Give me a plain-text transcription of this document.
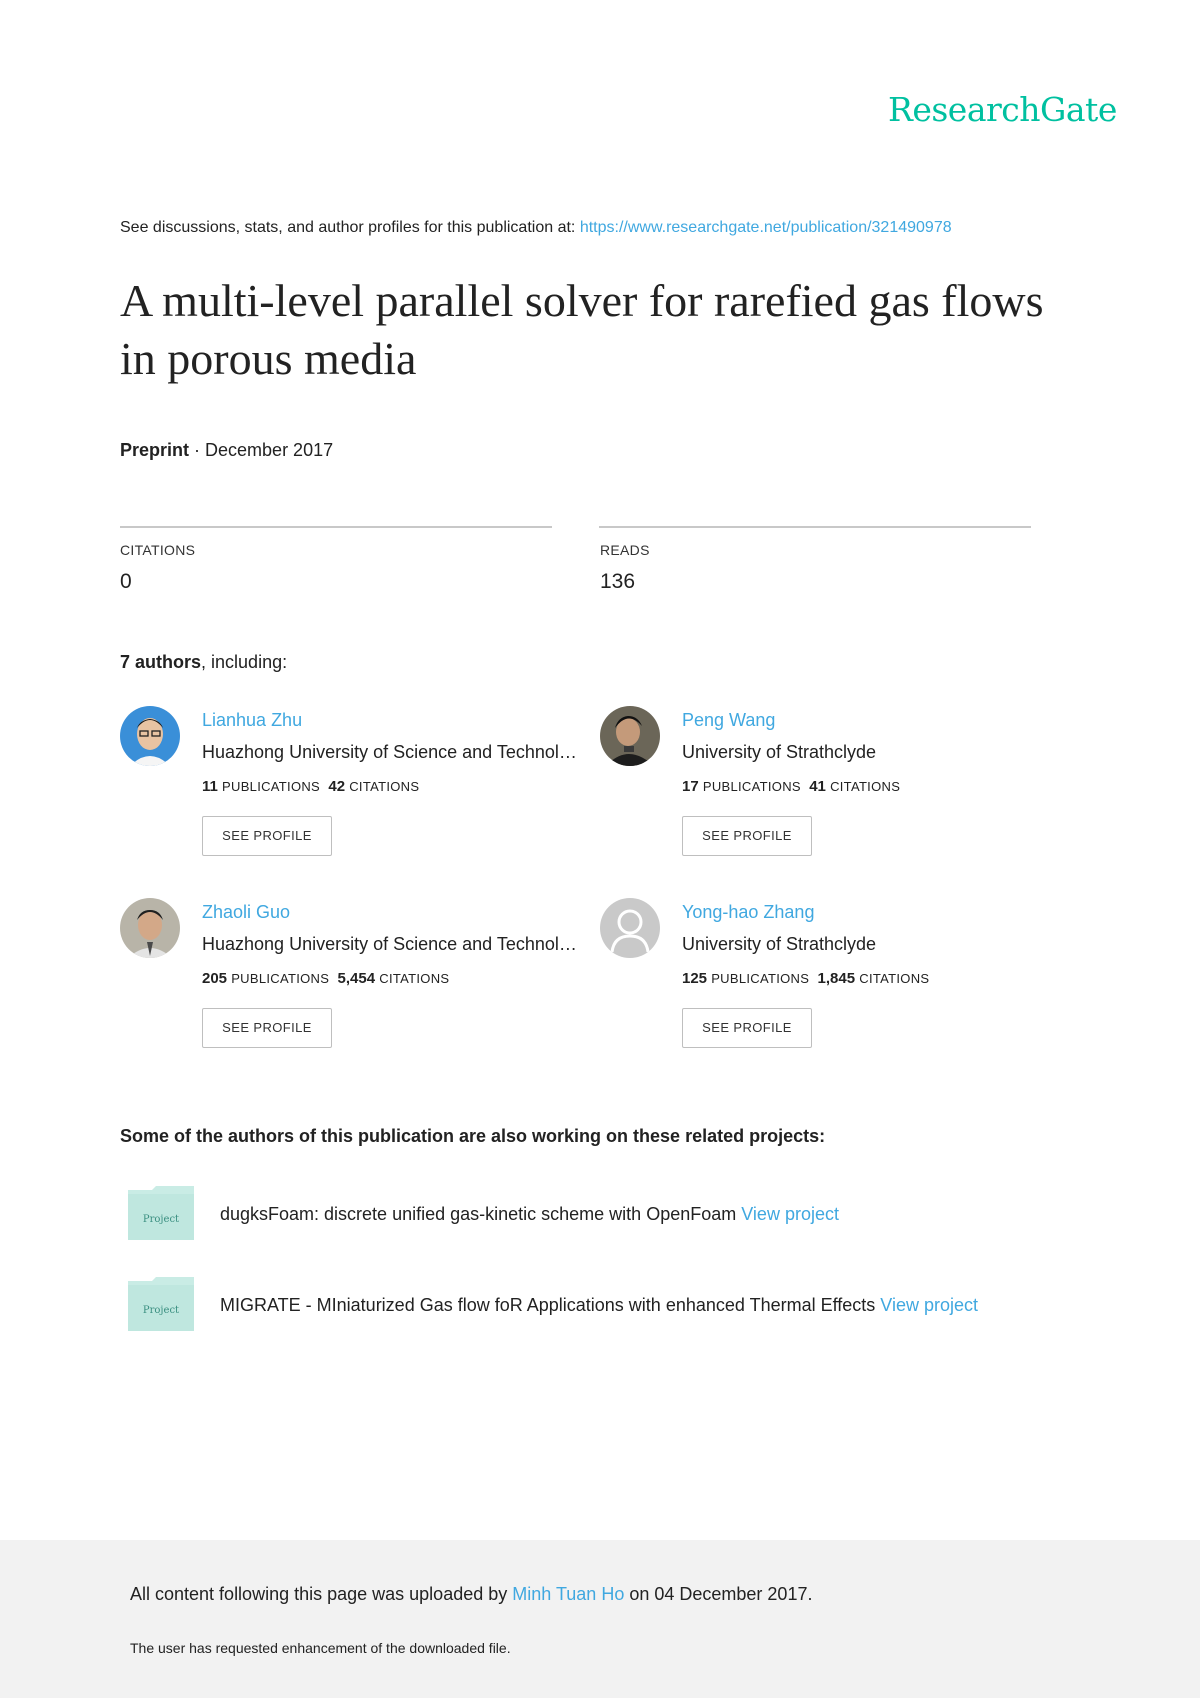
ResearchGate
See discussions, stats, and author profiles for this publication at: https://www.researchgate.net/publication/321490978
A multi-level parallel solver for rarefied gas flows in porous media
Preprint · December 2017
CITATIONS
0
READS
136
7 authors, including:
Lianhua Zhu
Huazhong University of Science and Technol…
11 PUBLICATIONS 42 CITATIONS
SEE PROFILE
Peng Wang
University of Strathclyde
17 PUBLICATIONS 41 CITATIONS
SEE PROFILE
Zhaoli Guo
Huazhong University of Science and Technol…
205 PUBLICATIONS 5,454 CITATIONS
SEE PROFILE
Yong-hao Zhang
University of Strathclyde
125 PUBLICATIONS 1,845 CITATIONS
SEE PROFILE
Some of the authors of this publication are also working on these related projects:
Project dugksFoam: discrete unified gas-kinetic scheme with OpenFoam View project
Project MIGRATE - MIniaturized Gas flow foR Applications with enhanced Thermal Effects View project
All content following this page was uploaded by Minh Tuan Ho on 04 December 2017.
The user has requested enhancement of the downloaded file.
